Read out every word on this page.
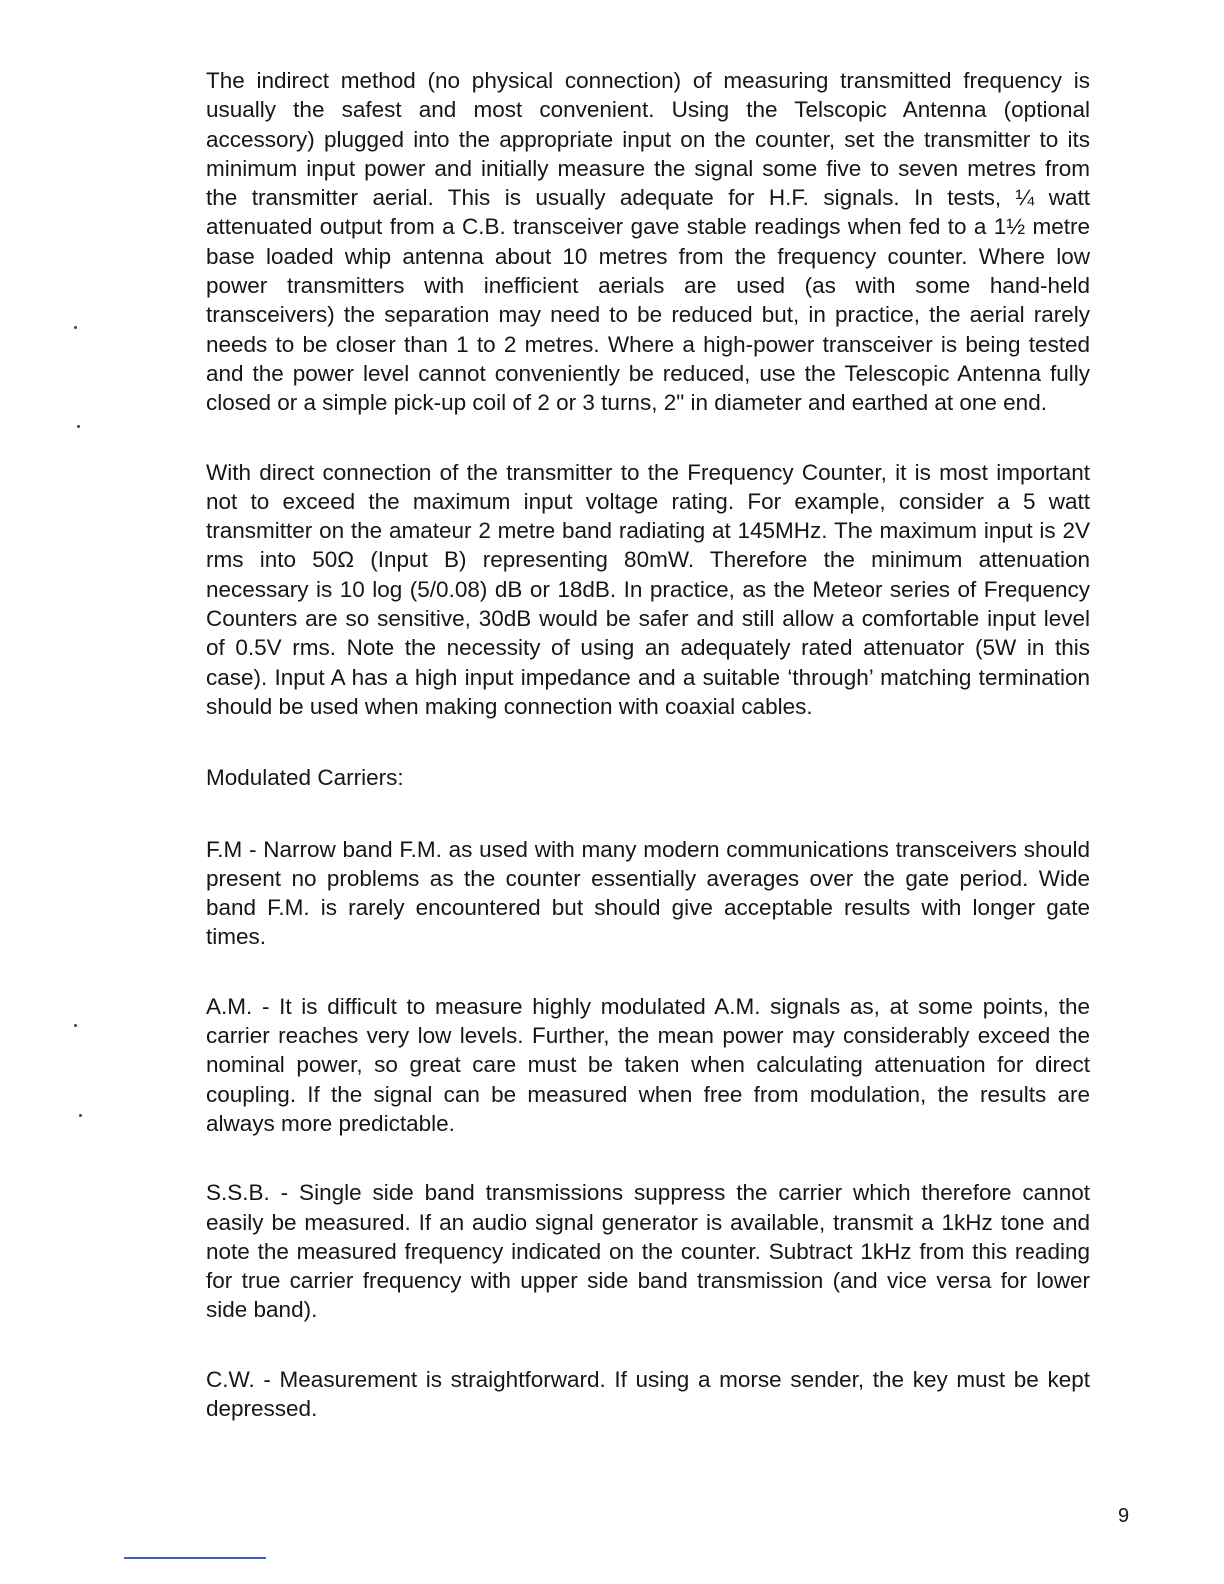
The indirect method (no physical connection) of measuring transmitted frequency is usually the safest and most convenient. Using the Telscopic Antenna (optional accessory) plugged into the appropriate input on the counter, set the transmitter to its minimum input power and initially measure the signal some five to seven metres from the transmitter aerial. This is usually adequate for H.F. signals. In tests, ¼ watt attenuated output from a C.B. transceiver gave stable readings when fed to a 1½ metre base loaded whip antenna about 10 metres from the frequency counter. Where low power transmitters with inefficient aerials are used (as with some hand-held transceivers) the separation may need to be reduced but, in practice, the aerial rarely needs to be closer than 1 to 2 metres. Where a high-power transceiver is being tested and the power level cannot conveniently be reduced, use the Telescopic Antenna fully closed or a simple pick-up coil of 2 or 3 turns, 2" in diameter and earthed at one end.

With direct connection of the transmitter to the Frequency Counter, it is most important not to exceed the maximum input voltage rating. For example, consider a 5 watt transmitter on the amateur 2 metre band radiating at 145MHz. The maximum input is 2V rms into 50Ω (Input B) representing 80mW. Therefore the minimum attenuation necessary is 10 log (5/0.08) dB or 18dB. In practice, as the Meteor series of Frequency Counters are so sensitive, 30dB would be safer and still allow a comfortable input level of 0.5V rms. Note the necessity of using an adequately rated attenuator (5W in this case). Input A has a high input impedance and a suitable ‘through’ matching termination should be used when making connection with coaxial cables.

Modulated Carriers:

F.M - Narrow band F.M. as used with many modern communications transceivers should present no problems as the counter essentially averages over the gate period. Wide band F.M. is rarely encountered but should give acceptable results with longer gate times.

A.M. - It is difficult to measure highly modulated A.M. signals as, at some points, the carrier reaches very low levels. Further, the mean power may considerably exceed the nominal power, so great care must be taken when calculating attenuation for direct coupling. If the signal can be measured when free from modulation, the results are always more predictable.

S.S.B. - Single side band transmissions suppress the carrier which therefore cannot easily be measured. If an audio signal generator is available, transmit a 1kHz tone and note the measured frequency indicated on the counter. Subtract 1kHz from this reading for true carrier frequency with upper side band transmission (and vice versa for lower side band).

C.W. - Measurement is straightforward. If using a morse sender, the key must be kept depressed.

9
